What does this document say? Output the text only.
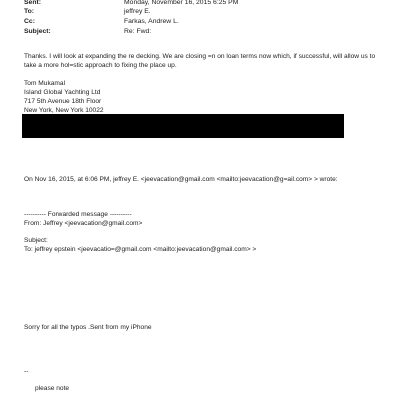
Sent:	Monday, November 16, 2015 6:25 PM
To:	jeffrey E.
Cc:	Farkas, Andrew L.
Subject:	Re: Fwd:
Thanks. I will look at expanding the re decking. We are closing =n on loan terms now which, if successful, will allow us to
take a more hol=stic approach to fixing the place up.
Tom Mukamal
Island Global Yachting Ltd
717 5th Avenue 18th Floor
New York, New York 10022
On Nov 16, 2015, at 6:06 PM, jeffrey E. <jeevacation@gmail.com <mailto:jeevacation@g=ail.com> > wrote:
---------- Forwarded message ----------
From: Jeffrey <jeevacation@gmail.com>
Subject:
To: jeffrey epstein <jeevacatio=@gmail.com <mailto:jeevacation@gmail.com> >
Sorry for all the typos .Sent from my iPhone
--
please note
